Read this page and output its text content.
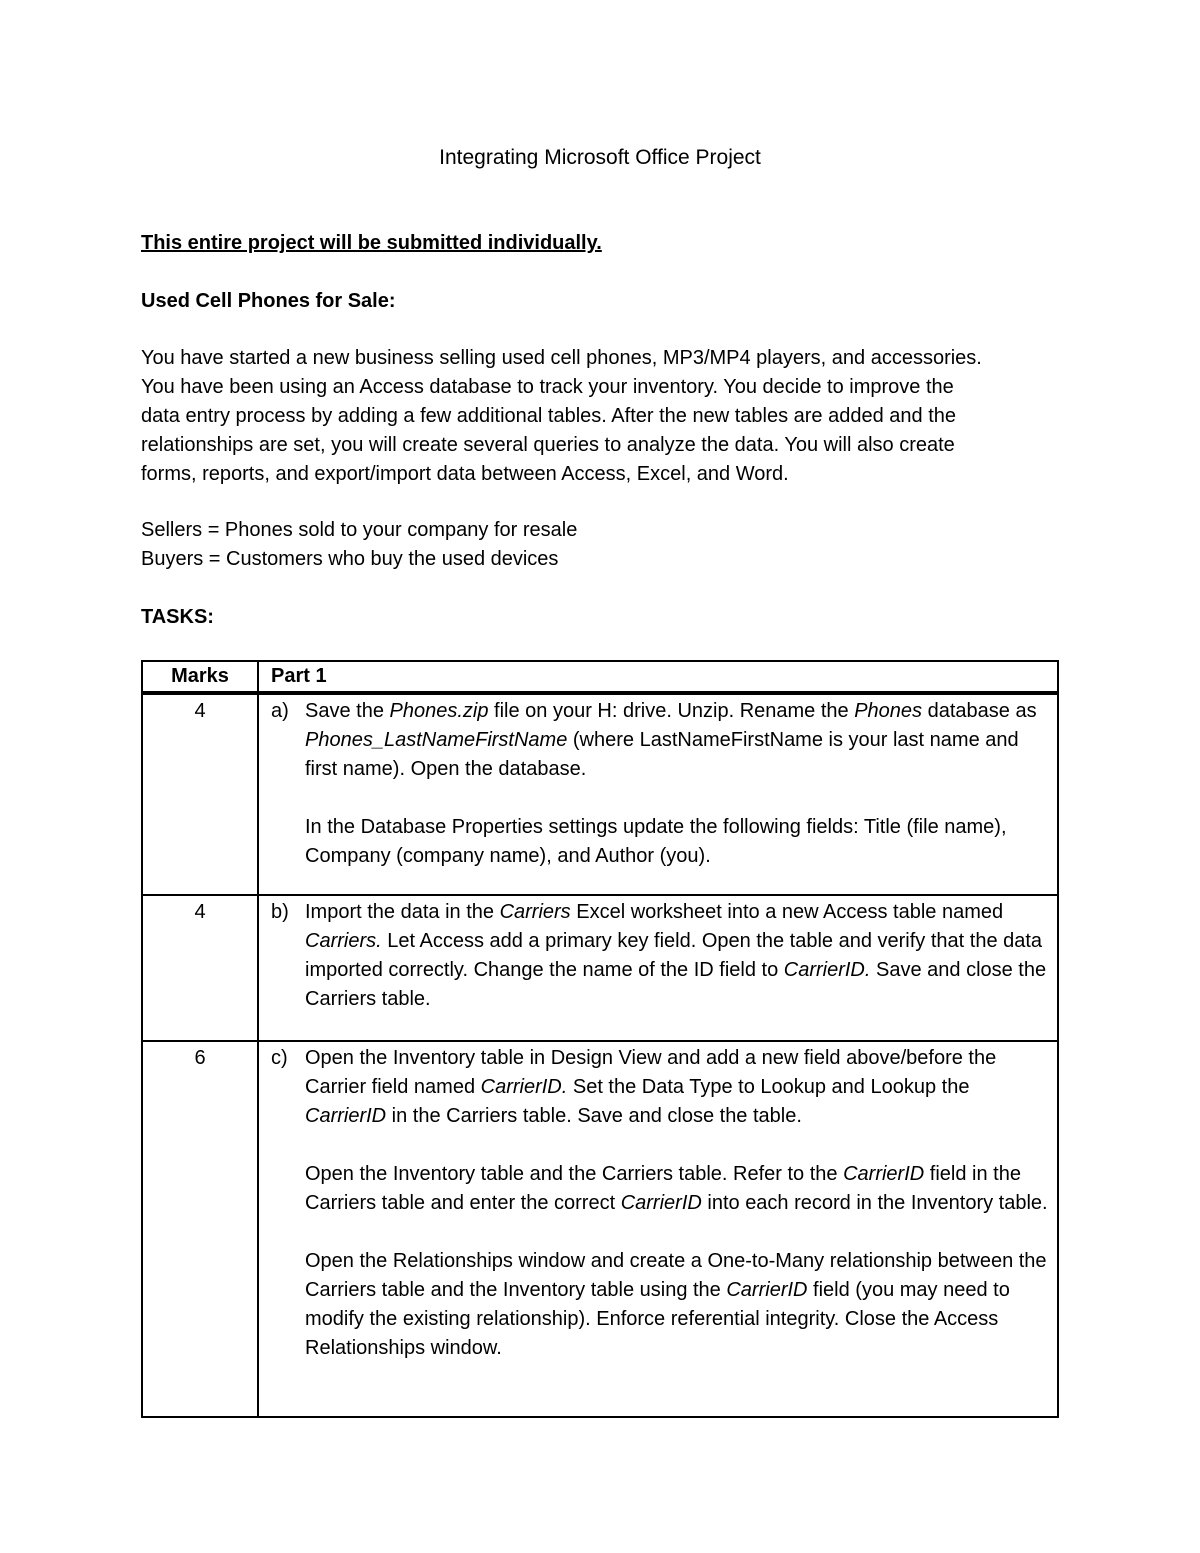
Integrating Microsoft Office Project
This entire project will be submitted individually.
Used Cell Phones for Sale:
You have started a new business selling used cell phones, MP3/MP4 players, and accessories.
You have been using an Access database to track your inventory. You decide to improve the
data entry process by adding a few additional tables. After the new tables are added and the
relationships are set, you will create several queries to analyze the data. You will also create
forms, reports, and export/import data between Access, Excel, and Word.
Sellers = Phones sold to your company for resale
Buyers = Customers who buy the used devices
TASKS:
Marks	Part 1
4	a) Save the Phones.zip file on your H: drive. Unzip. Rename the Phones database as Phones_LastNameFirstName (where LastNameFirstName is your last name and first name). Open the database.

In the Database Properties settings update the following fields: Title (file name), Company (company name), and Author (you).

4	b) Import the data in the Carriers Excel worksheet into a new Access table named Carriers. Let Access add a primary key field. Open the table and verify that the data imported correctly. Change the name of the ID field to CarrierID. Save and close the Carriers table.

6	c) Open the Inventory table in Design View and add a new field above/before the Carrier field named CarrierID. Set the Data Type to Lookup and Lookup the CarrierID in the Carriers table. Save and close the table.

Open the Inventory table and the Carriers table. Refer to the CarrierID field in the Carriers table and enter the correct CarrierID into each record in the Inventory table.

Open the Relationships window and create a One-to-Many relationship between the Carriers table and the Inventory table using the CarrierID field (you may need to modify the existing relationship). Enforce referential integrity. Close the Access Relationships window.
